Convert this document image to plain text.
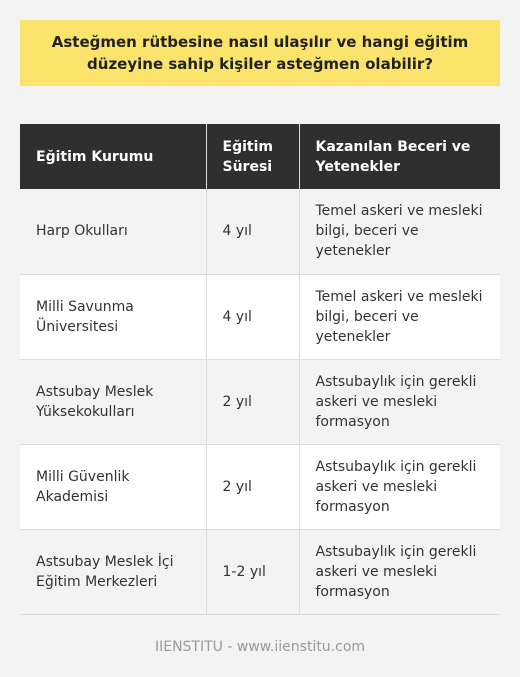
Asteğmen rütbesine nasıl ulaşılır ve hangi eğitim düzeyine sahip kişiler asteğmen olabilir?
Eğitim Kurumu	Eğitim Süresi	Kazanılan Beceri ve Yetenekler
Harp Okulları	4 yıl	Temel askeri ve mesleki bilgi, beceri ve yetenekler
Milli Savunma Üniversitesi	4 yıl	Temel askeri ve mesleki bilgi, beceri ve yetenekler
Astsubay Meslek Yüksekokulları	2 yıl	Astsubaylık için gerekli askeri ve mesleki formasyon
Milli Güvenlik Akademisi	2 yıl	Astsubaylık için gerekli askeri ve mesleki formasyon
Astsubay Meslek İçi Eğitim Merkezleri	1-2 yıl	Astsubaylık için gerekli askeri ve mesleki formasyon
IIENSTITU - www.iienstitu.com
